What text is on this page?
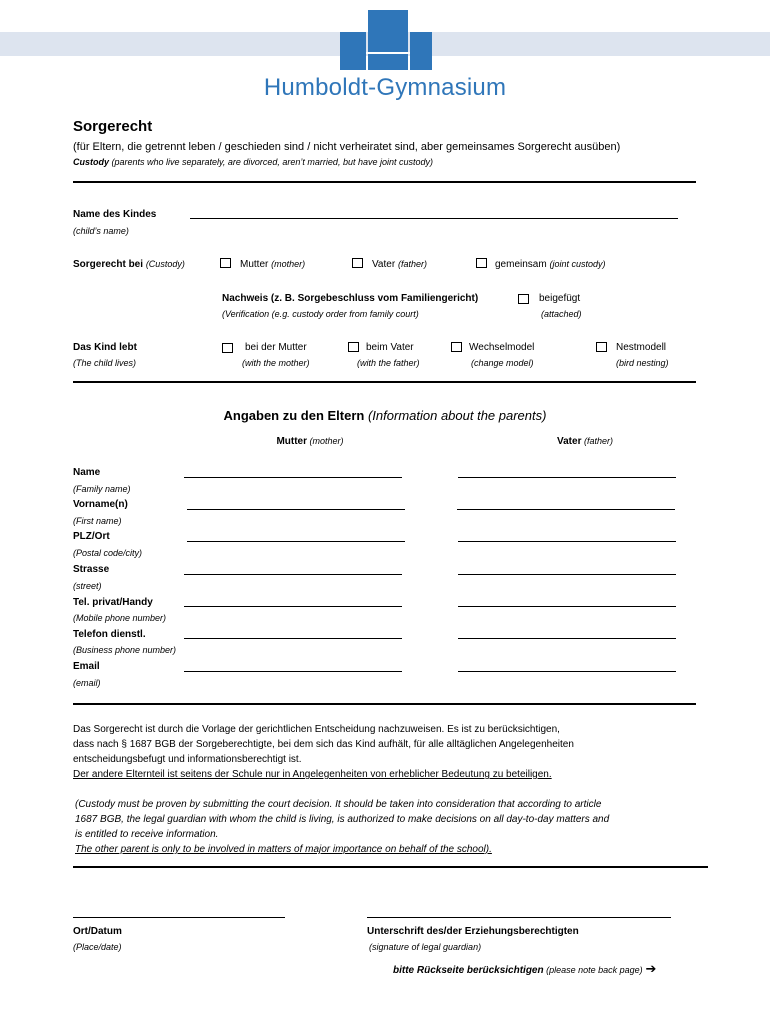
Humboldt-Gymnasium
Sorgerecht
(für Eltern, die getrennt leben / geschieden sind / nicht verheiratet sind, aber gemeinsames Sorgerecht ausüben)
Custody (parents who live separately, are divorced, aren’t married, but have joint custody)
Name des Kindes
(child’s name)
Sorgerecht bei (Custody)	Mutter (mother)	Vater (father)	gemeinsam (joint custody)
Nachweis (z. B. Sorgebeschluss vom Familiengericht)
(Verification (e.g. custody order from family court)
beigefügt
(attached)
Das Kind lebt
(The child lives)
bei der Mutter
(with the mother)
beim Vater
(with the father)
Wechselmodel
(change model)
Nestmodell
(bird nesting)
Angaben zu den Eltern (Information about the parents)
Mutter (mother)	Vater (father)
Name
(Family name)
Vorname(n)
(First name)
PLZ/Ort
(Postal code/city)
Strasse
(street)
Tel. privat/Handy
(Mobile phone number)
Telefon dienstl.
(Business phone number)
Email
(email)
Das Sorgerecht ist durch die Vorlage der gerichtlichen Entscheidung nachzuweisen. Es ist zu berücksichtigen,
dass nach § 1687 BGB der Sorgeberechtigte, bei dem sich das Kind aufhält, für alle alltäglichen Angelegenheiten
entscheidungsbefugt und informationsberechtigt ist.
Der andere Elternteil ist seitens der Schule nur in Angelegenheiten von erheblicher Bedeutung zu beteiligen.
(Custody must be proven by submitting the court decision. It should be taken into consideration that according to article
1687 BGB, the legal guardian with whom the child is living, is authorized to make decisions on all day-to-day matters and
is entitled to receive information.
The other parent is only to be involved in matters of major importance on behalf of the school).
Ort/Datum
(Place/date)
Unterschrift des/der Erziehungsberechtigten
(signature of legal guardian)
bitte Rückseite berücksichtigen (please note back page) ➔
